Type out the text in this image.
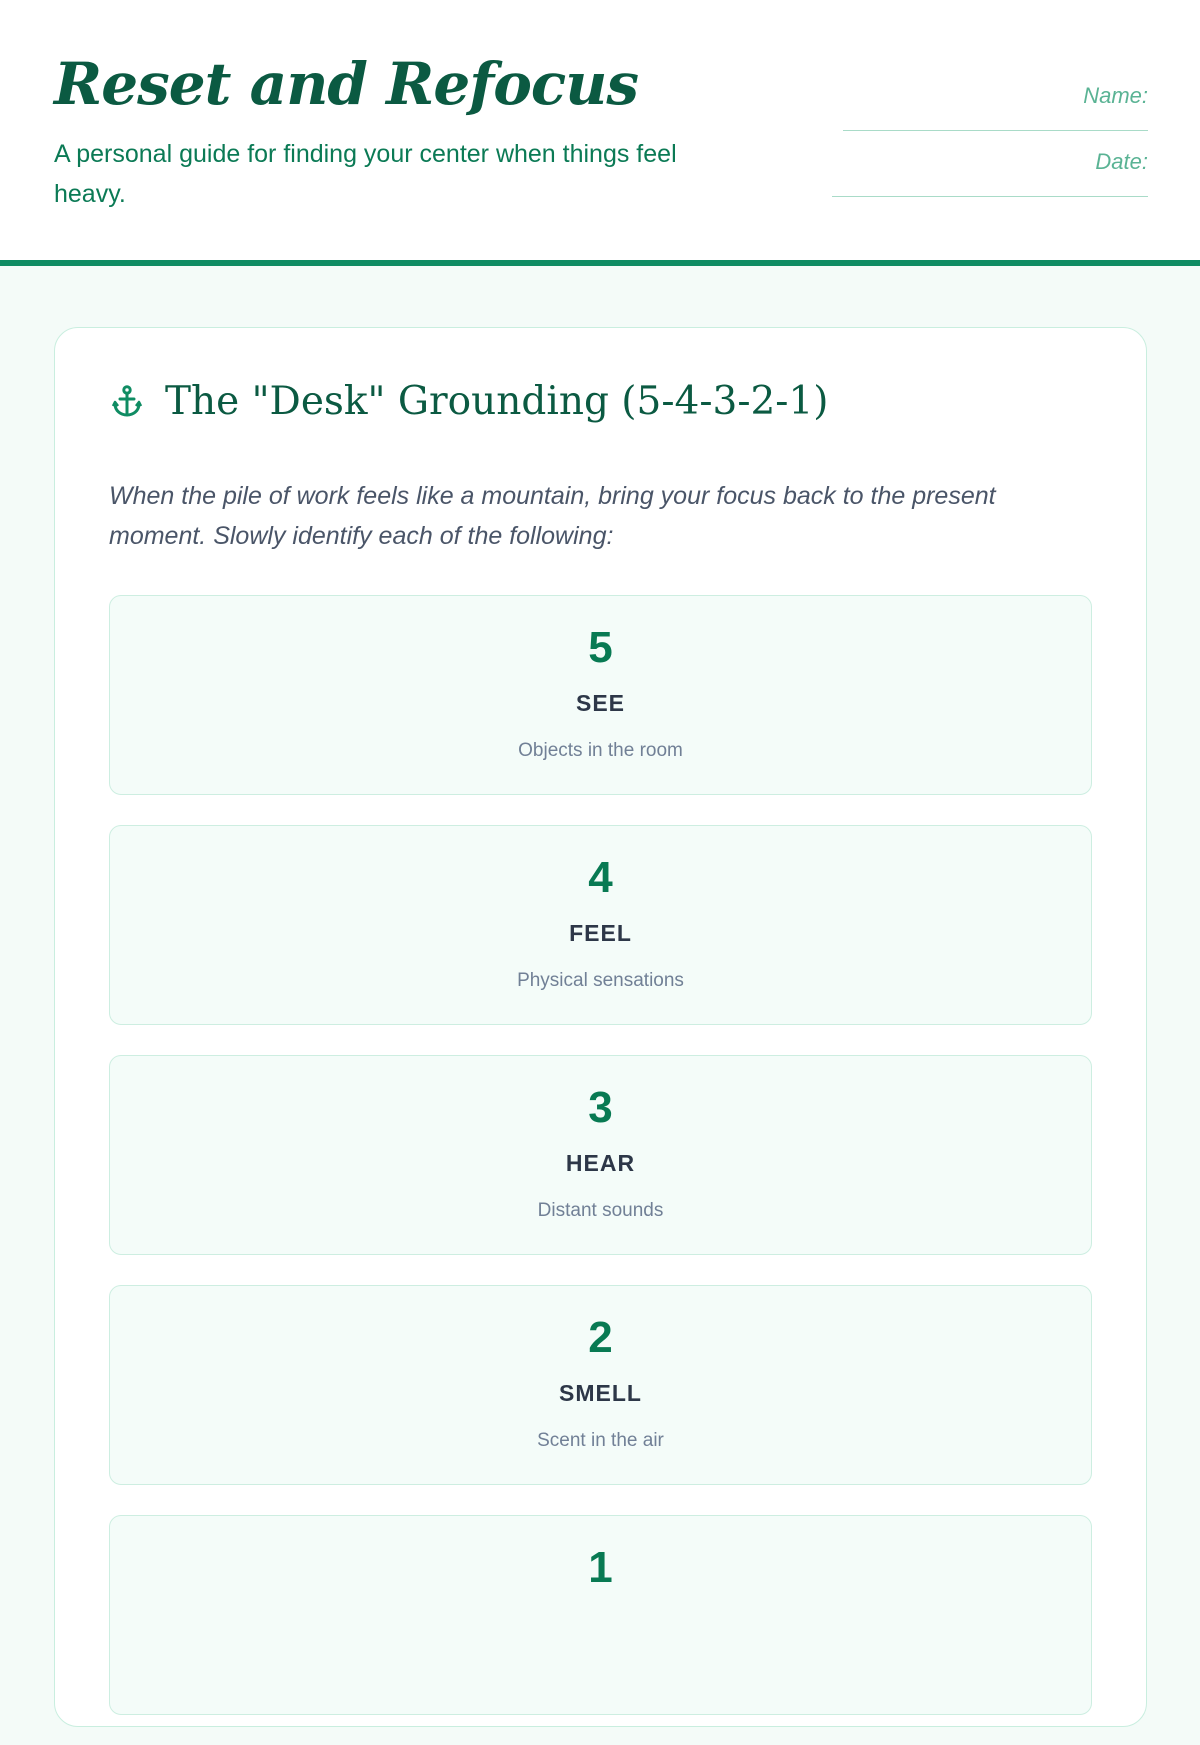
Reset and Refocus

A personal guide for finding your center when things feel heavy.

Name:
Date:
The "Desk" Grounding (5-4-3-2-1)

When the pile of work feels like a mountain, bring your focus back to the present moment. Slowly identify each of the following:

5
SEE
Objects in the room
4
FEEL
Physical sensations
3
HEAR
Distant sounds
2
SMELL
Scent in the air
1
